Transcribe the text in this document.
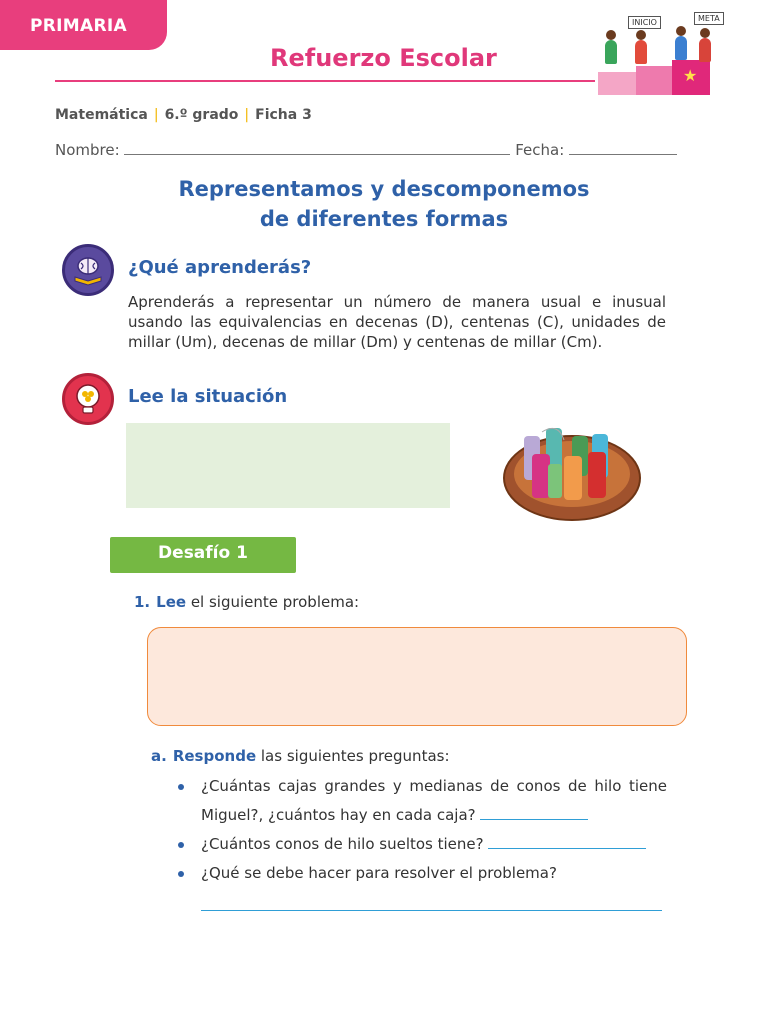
PRIMARIA
Refuerzo Escolar
★
INICIO	META
Matemática | 6.º grado | Ficha 3
Nombre:	Fecha:
Representamos y descomponemos
de diferentes formas
¿Qué aprenderás?
Aprenderás a representar un número de manera usual e inusual usando las equivalencias en decenas (D), centenas (C), unidades de millar (Um), decenas de millar (Dm) y centenas de millar (Cm).
Lee la situación
Desafío 1
1. Lee el siguiente problema:
a. Responde las siguientes preguntas:
¿Cuántas cajas grandes y medianas de conos de hilo tiene Miguel?, ¿cuántos hay en cada caja?
¿Cuántos conos de hilo sueltos tiene?
¿Qué se debe hacer para resolver el problema?
